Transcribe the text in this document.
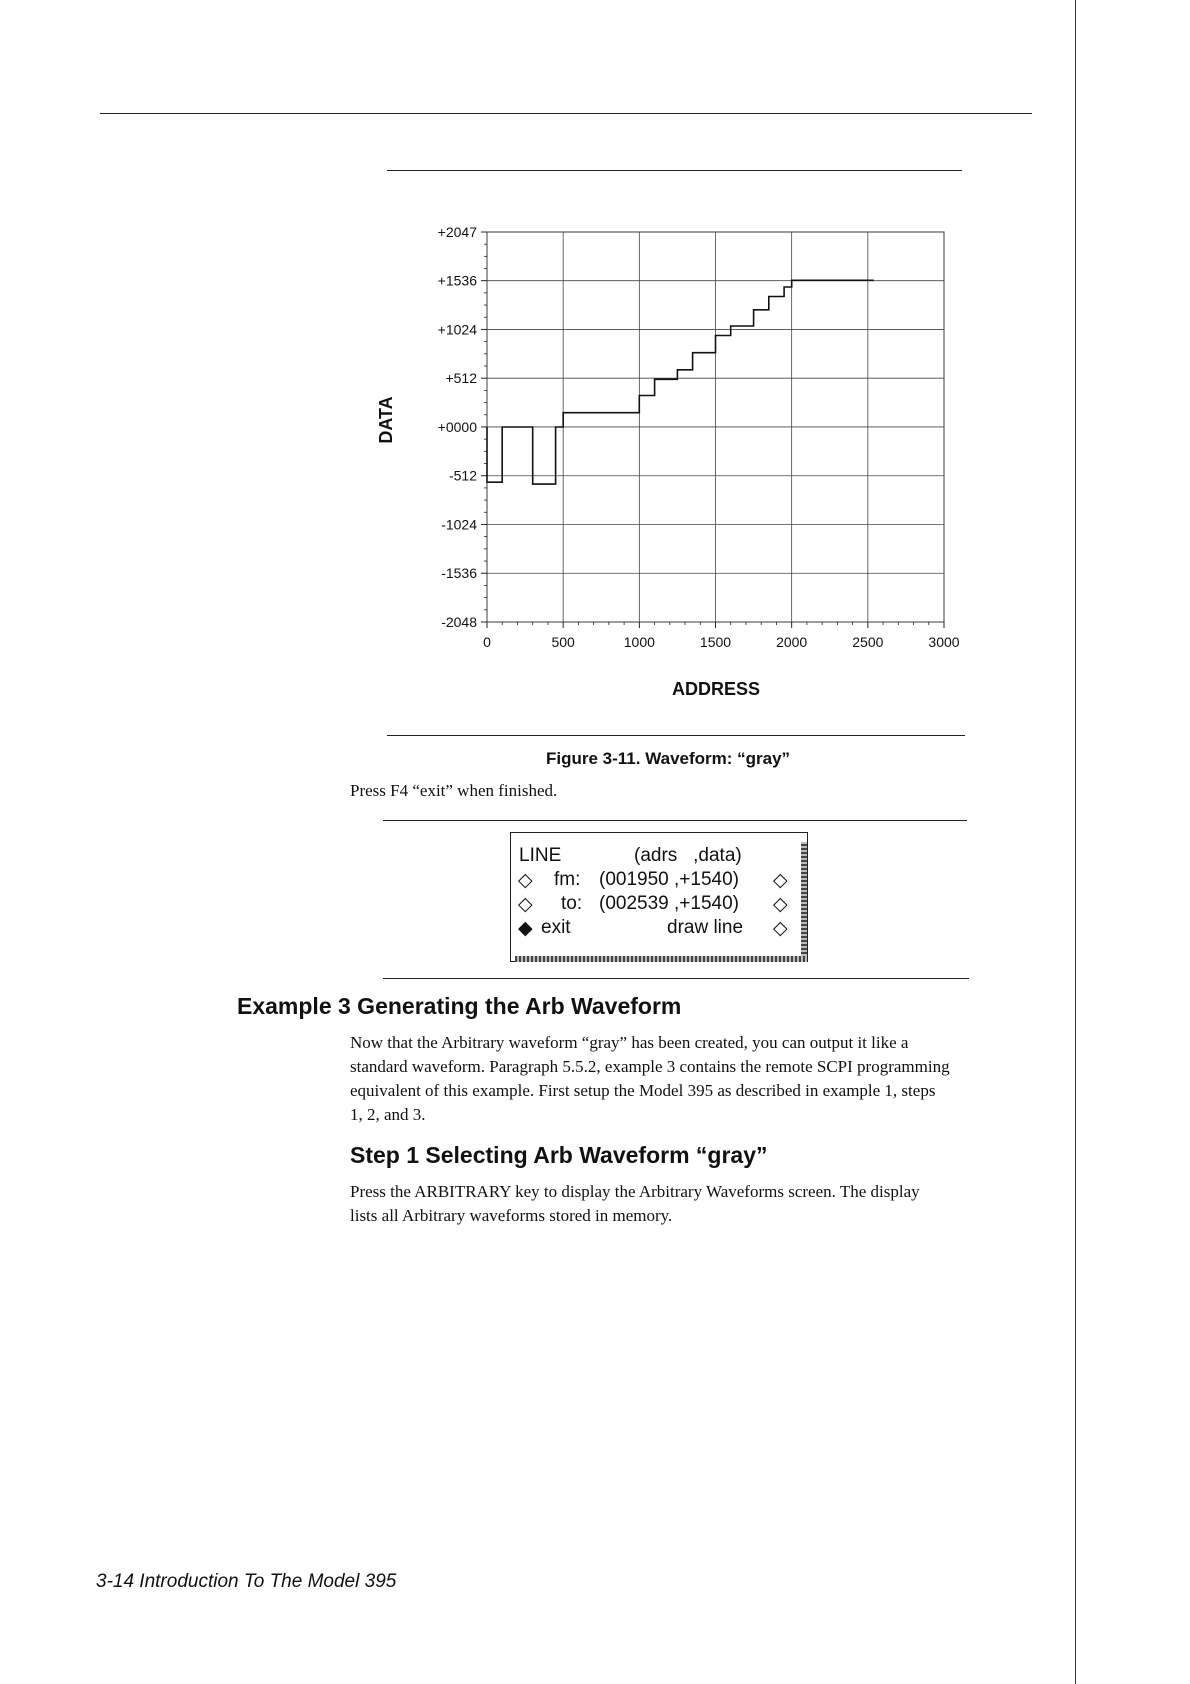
+2047
+1536
+1024
+512
+0000
-512
-1024
-1536
-2048
0	500	1000	1500	2000	2500	3000
DATA
ADDRESS
Figure 3-11. Waveform: “gray”
Press F4 “exit” when finished.
LINE	(adrs   ,data)
◇ fm: (001950 ,+1540) ◇
◇ to: (002539 ,+1540) ◇
◆ exit	draw line ◇
Example 3 Generating the Arb Waveform
Now that the Arbitrary waveform “gray” has been created, you can output it like a
standard waveform. Paragraph 5.5.2, example 3 contains the remote SCPI programming
equivalent of this example. First setup the Model 395 as described in example 1, steps
1, 2, and 3.
Step 1 Selecting Arb Waveform “gray”
Press the ARBITRARY key to display the Arbitrary Waveforms screen. The display
lists all Arbitrary waveforms stored in memory.
3-14 Introduction To The Model 395
